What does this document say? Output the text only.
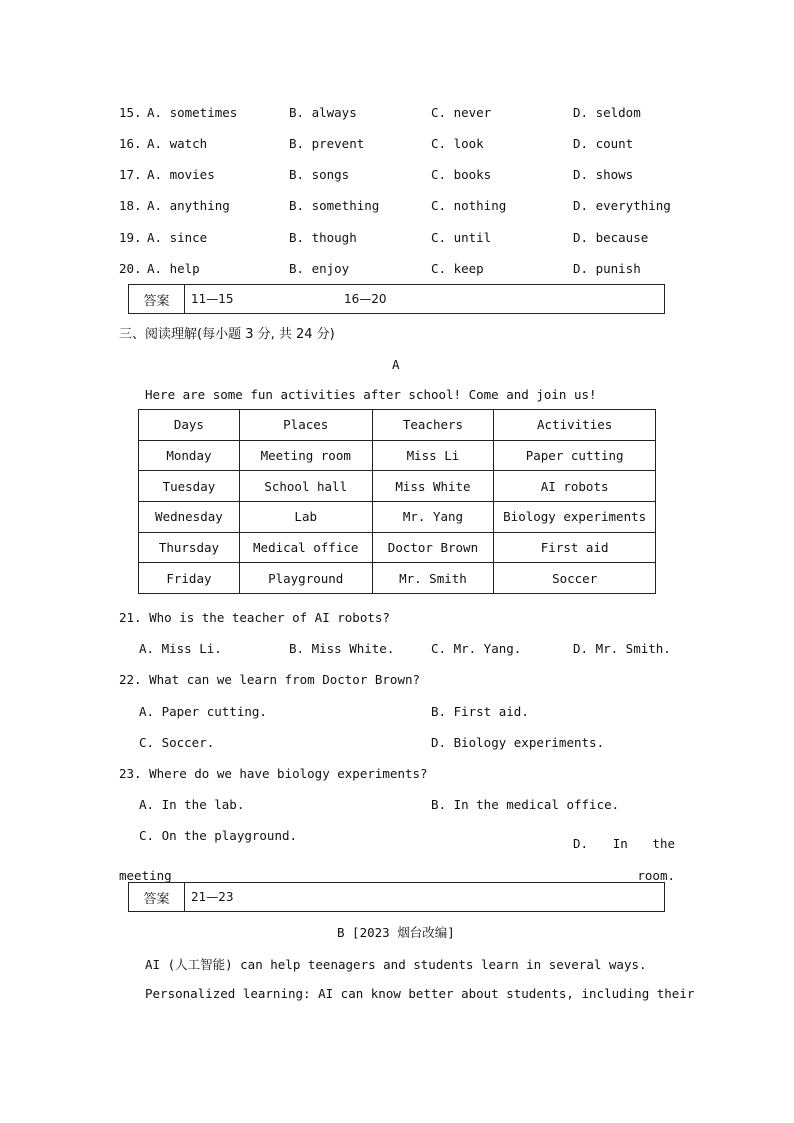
15. A. sometimes	B. always	C. never	D. seldom
16. A. watch	B. prevent	C. look	D. count
17. A. movies	B. songs	C. books	D. shows
18. A. anything	B. something	C. nothing	D. everything
19. A. since	B. though	C. until	D. because
20. A. help	B. enjoy	C. keep	D. punish
答案	11—15	16—20
三、阅读理解(每小题 3 分, 共 24 分)
A
Here are some fun activities after school! Come and join us!
Days	Places	Teachers	Activities
Monday	Meeting room	Miss Li	Paper cutting
Tuesday	School hall	Miss White	AI robots
Wednesday	Lab	Mr. Yang	Biology experiments
Thursday	Medical office	Doctor Brown	First aid
Friday	Playground	Mr. Smith	Soccer
21. Who is the teacher of AI robots?
A. Miss Li.	B. Miss White.	C. Mr. Yang.	D. Mr. Smith.
22. What can we learn from Doctor Brown?
A. Paper cutting.	B. First aid.
C. Soccer.	D. Biology experiments.
23. Where do we have biology experiments?
A. In the lab.	B. In the medical office.
C. On the playground.
D. In the meeting room.
答案	21—23
B [2023 烟台改编]
AI (人工智能) can help teenagers and students learn in several ways.
Personalized learning: AI can know better about students, including their
